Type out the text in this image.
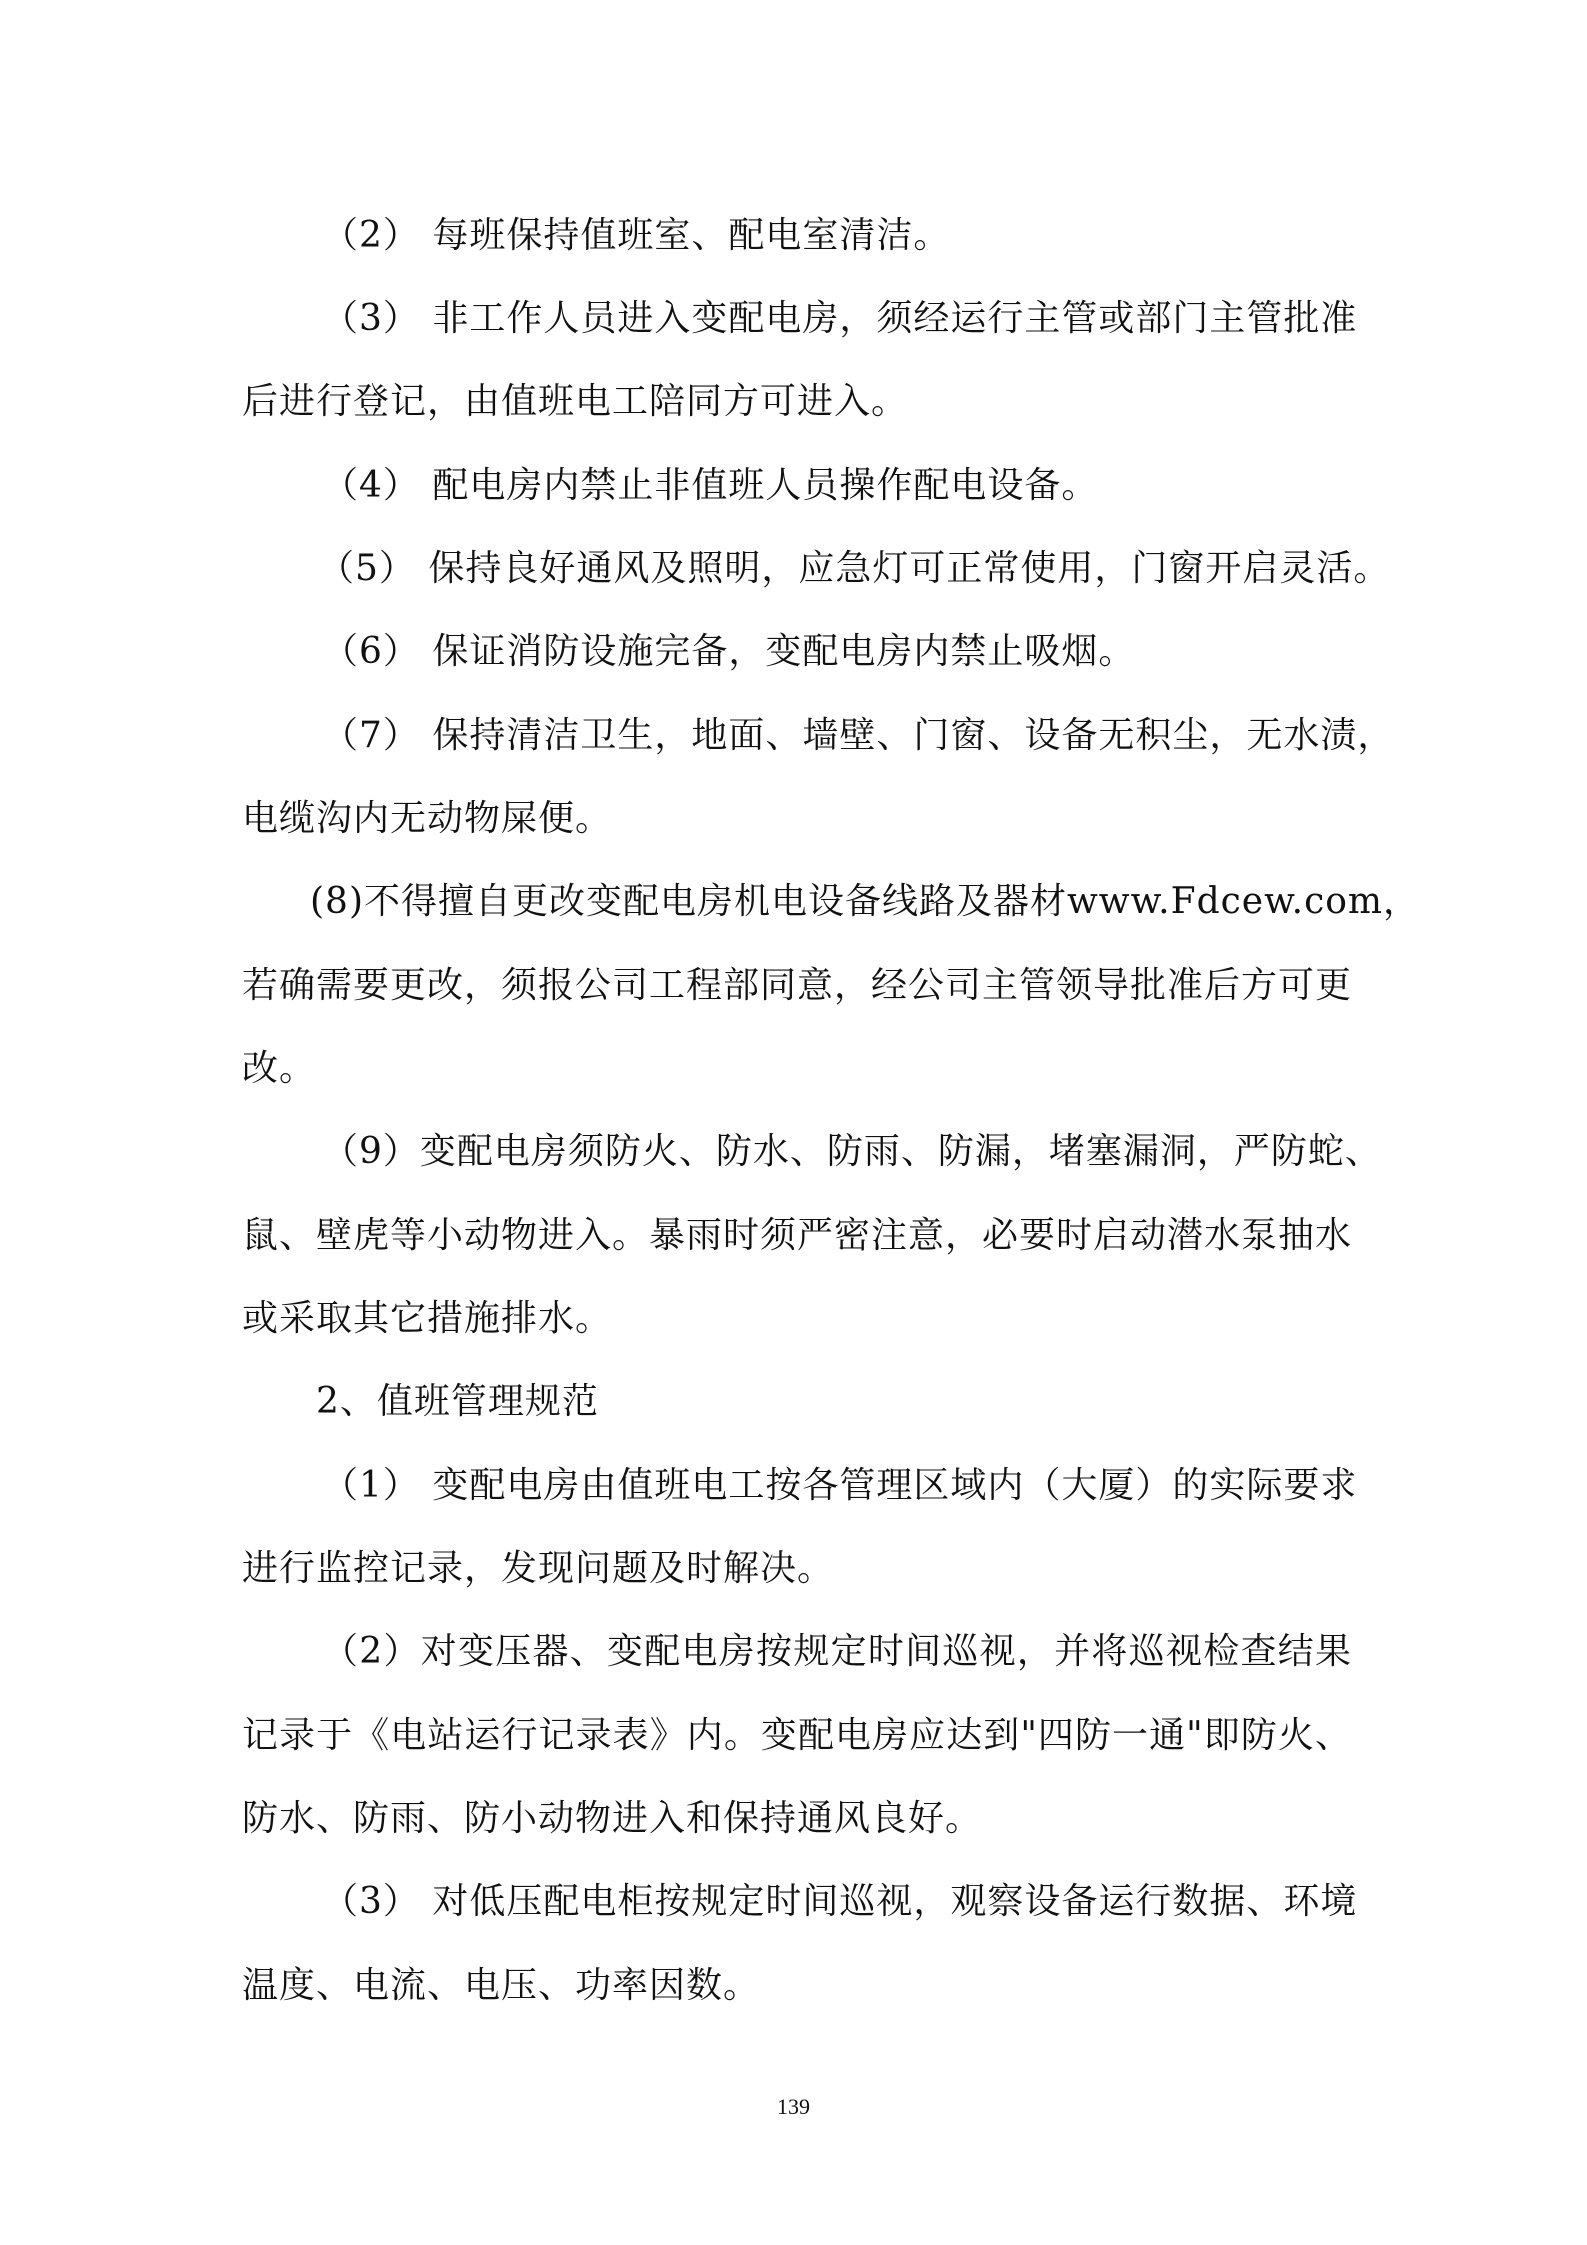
（2） 每班保持值班室、配电室清洁。
（3） 非工作人员进入变配电房，须经运行主管或部门主管批准
后进行登记，由值班电工陪同方可进入。
（4） 配电房内禁止非值班人员操作配电设备。
（5） 保持良好通风及照明，应急灯可正常使用，门窗开启灵活。
（6） 保证消防设施完备，变配电房内禁止吸烟。
（7） 保持清洁卫生，地面、墙壁、门窗、设备无积尘，无水渍，
电缆沟内无动物屎便。
(8)不得擅自更改变配电房机电设备线路及器材www.Fdcew.com，
若确需要更改，须报公司工程部同意，经公司主管领导批准后方可更
改。
（9）变配电房须防火、防水、防雨、防漏，堵塞漏洞，严防蛇、
鼠、壁虎等小动物进入。暴雨时须严密注意，必要时启动潜水泵抽水
或采取其它措施排水。
2、值班管理规范
（1） 变配电房由值班电工按各管理区域内（大厦）的实际要求
进行监控记录，发现问题及时解决。
（2）对变压器、变配电房按规定时间巡视，并将巡视检查结果
记录于《电站运行记录表》内。变配电房应达到"四防一通"即防火、
防水、防雨、防小动物进入和保持通风良好。
（3） 对低压配电柜按规定时间巡视，观察设备运行数据、环境
温度、电流、电压、功率因数。
139
